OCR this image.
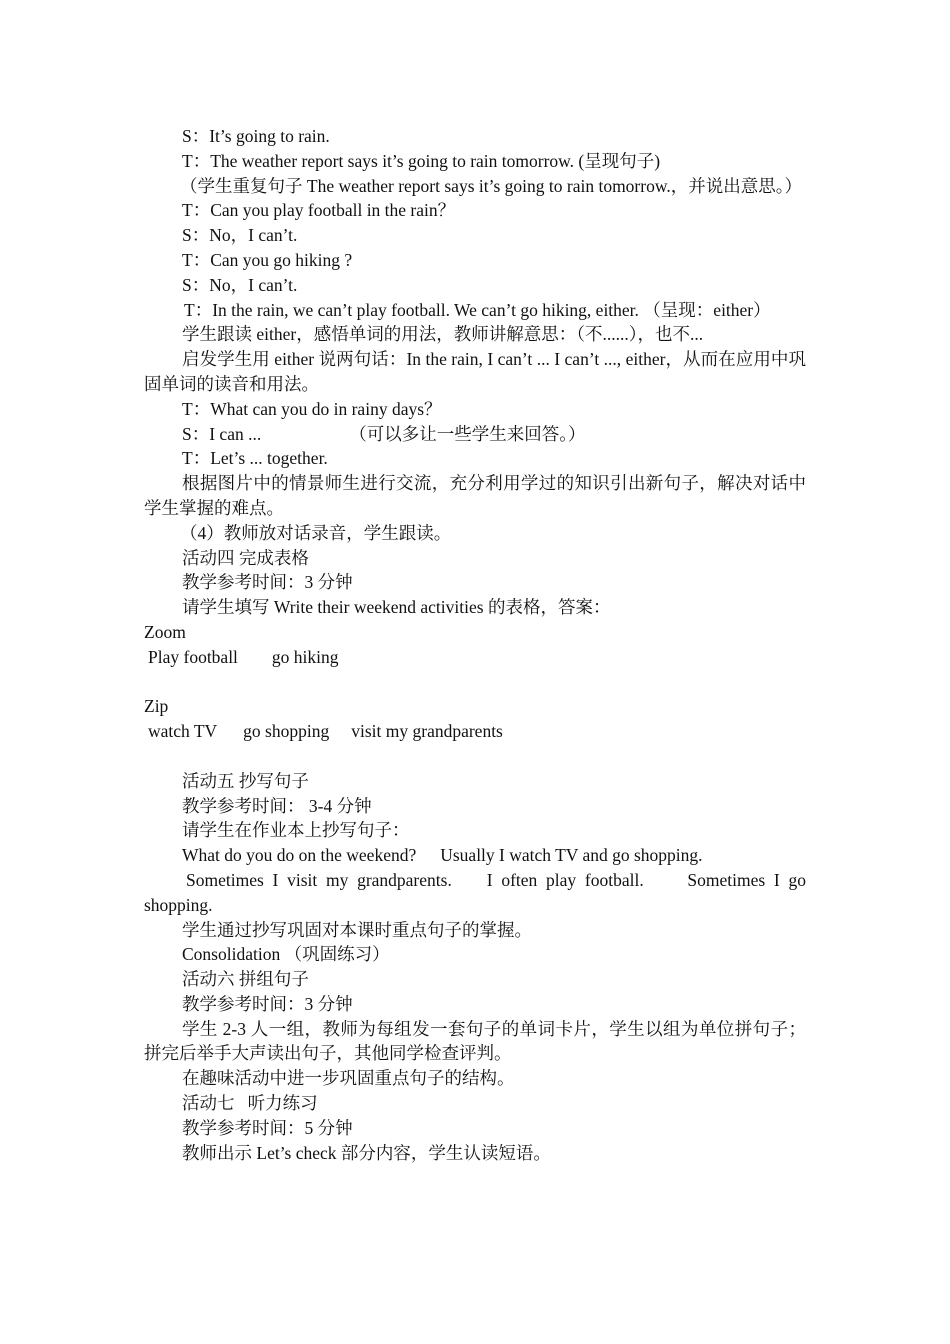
S：It’s going to rain.
T：The weather report says it’s going to rain tomorrow. (呈现句子)
（学生重复句子 The weather report says it’s going to rain tomorrow.，并说出意思。）
T：Can you play football in the rain？
S：No，I can’t.
T：Can you go hiking ?
S：No，I can’t.
T：In the rain, we can’t play football. We can’t go hiking, either. （呈现：either）
学生跟读 either，感悟单词的用法，教师讲解意思：（不......），也不...
启发学生用 either 说两句话：In the rain, I can’t ... I can’t ..., either，从而在应用中巩固单词的读音和用法。
T：What can you do in rainy days？
S：I can ...	（可以多让一些学生来回答。）
T：Let’s ... together.
根据图片中的情景师生进行交流，充分利用学过的知识引出新句子，解决对话中学生掌握的难点。
（4）教师放对话录音，学生跟读。
活动四 完成表格
教学参考时间：3 分钟
请学生填写 Write their weekend activities 的表格，答案：
Zoom
Play football go hiking
Zip
watch TV go shopping visit my grandparents
活动五 抄写句子
教学参考时间： 3-4 分钟
请学生在作业本上抄写句子：
What do you do on the weekend? Usually I watch TV and go shopping.
Sometimes I visit my grandparents.    I often play football.     Sometimes I go shopping.
学生通过抄写巩固对本课时重点句子的掌握。
Consolidation （巩固练习）
活动六 拼组句子
教学参考时间：3 分钟
学生 2-3 人一组，教师为每组发一套句子的单词卡片，学生以组为单位拼句子；拼完后举手大声读出句子，其他同学检查评判。
在趣味活动中进一步巩固重点句子的结构。
活动七   听力练习
教学参考时间：5 分钟
教师出示 Let’s check 部分内容，学生认读短语。
